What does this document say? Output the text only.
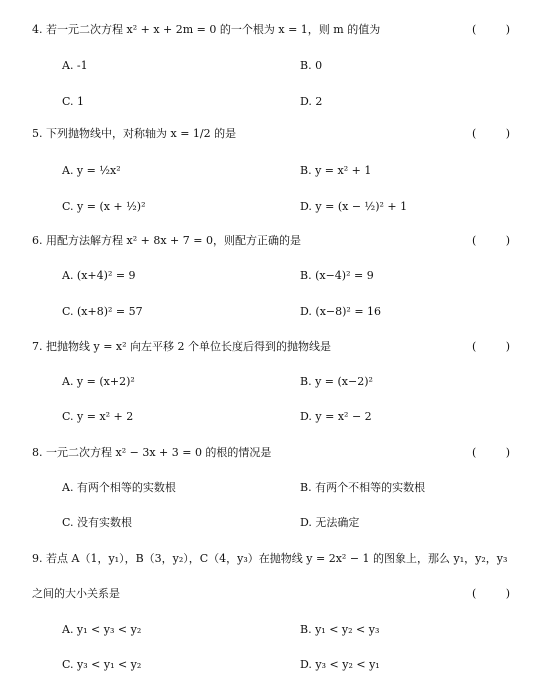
4. 若一元二次方程 x² + x + 2m = 0 的一个根为 x = 1，则 m 的值为	( )
A. -1	B. 0
C. 1	D. 2
5. 下列抛物线中，对称轴为 x = 1/2 的是	( )
A. y = ½x²	B. y = x² + 1
C. y = (x + ½)²	D. y = (x − ½)² + 1
6. 用配方法解方程 x² + 8x + 7 = 0，则配方正确的是	( )
A. (x+4)² = 9	B. (x−4)² = 9
C. (x+8)² = 57	D. (x−8)² = 16
7. 把抛物线 y = x² 向左平移 2 个单位长度后得到的抛物线是	( )
A. y = (x+2)²	B. y = (x−2)²
C. y = x² + 2	D. y = x² − 2
8. 一元二次方程 x² − 3x + 3 = 0 的根的情况是	( )
A. 有两个相等的实数根	B. 有两个不相等的实数根
C. 没有实数根	D. 无法确定
9. 若点 A（1，y₁），B（3，y₂），C（4，y₃）在抛物线 y = 2x² − 1 的图象上，那么 y₁，y₂，y₃
之间的大小关系是	( )
A. y₁ < y₃ < y₂	B. y₁ < y₂ < y₃
C. y₃ < y₁ < y₂	D. y₃ < y₂ < y₁
